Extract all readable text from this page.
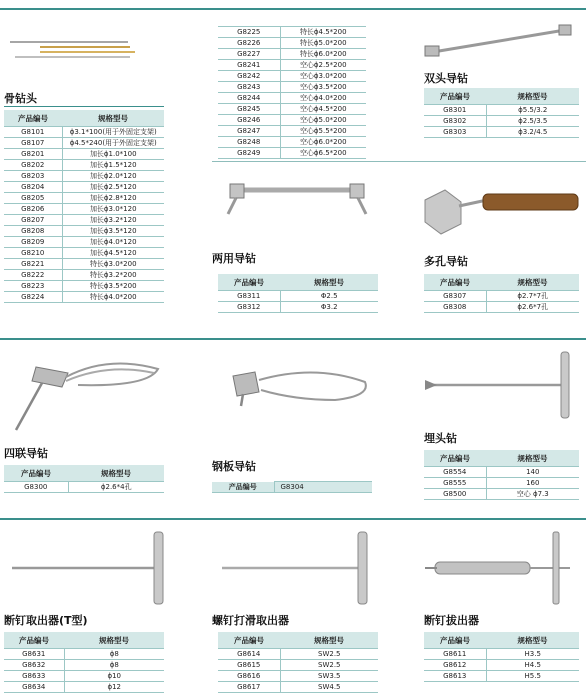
骨钻头
产品编号	规格型号
G8101	ϕ3.1*100(用于外固定支架)
G8107	ϕ4.5*240(用于外固定支架)
G8201	加长ϕ1.0*100
G8202	加长ϕ1.5*120
G8203	加长ϕ2.0*120
G8204	加长ϕ2.5*120
G8205	加长ϕ2.8*120
G8206	加长ϕ3.0*120
G8207	加长ϕ3.2*120
G8208	加长ϕ3.5*120
G8209	加长ϕ4.0*120
G8210	加长ϕ4.5*120
G8221	特长ϕ3.0*200
G8222	特长ϕ3.2*200
G8223	特长ϕ3.5*200
G8224	特长ϕ4.0*200
G8225	特长ϕ4.5*200
G8226	特长ϕ5.0*200
G8227	特长ϕ6.0*200
G8241	空心ϕ2.5*200
G8242	空心ϕ3.0*200
G8243	空心ϕ3.5*200
G8244	空心ϕ4.0*200
G8245	空心ϕ4.5*200
G8246	空心ϕ5.0*200
G8247	空心ϕ5.5*200
G8248	空心ϕ6.0*200
G8249	空心ϕ6.5*200
双头导钻
产品编号	规格型号
G8301	ϕ5.5/3.2
G8302	ϕ2.5/3.5
G8303	ϕ3.2/4.5
两用导钻
产品编号	规格型号
G8311	Φ2.5
G8312	Φ3.2
多孔导钻
产品编号	规格型号
G8307	ϕ2.7*7孔
G8308	ϕ2.6*7孔
四联导钻
产品编号	规格型号
G8300	ϕ2.6*4孔
钢板导钻
产品编号	G8304
埋头钻
产品编号	规格型号
G8554	140
G8555	160
G8500	空心 ϕ7.3
断钉取出器(T型)
产品编号	规格型号
G8631	ϕ8
G8632	ϕ8
G8633	ϕ10
G8634	ϕ12
螺钉打滑取出器
产品编号	规格型号
G8614	SW2.5
G8615	SW2.5
G8616	SW3.5
G8617	SW4.5
断钉拔出器
产品编号	规格型号
G8611	H3.5
G8612	H4.5
G8613	H5.5
